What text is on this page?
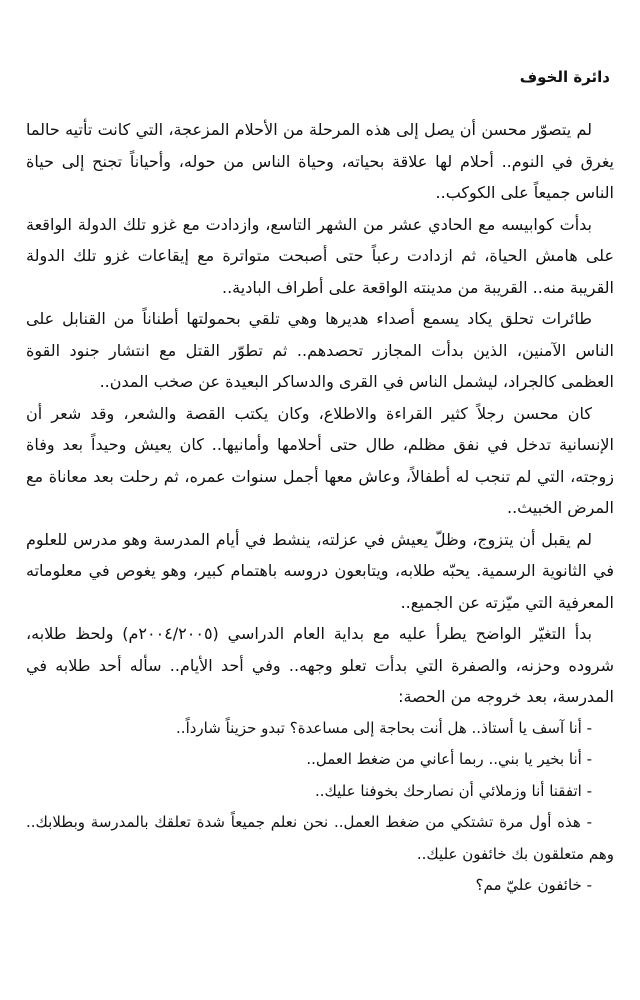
دائرة الخوف

لم يتصوّر محسن أن يصل إلى هذه المرحلة من الأحلام المزعجة، التي كانت تأتيه حالما يغرق في النوم.. أحلام لها علاقة بحياته، وحياة الناس من حوله، وأحياناً تجنح إلى حياة الناس جميعاً على الكوكب..

بدأت كوابيسه مع الحادي عشر من الشهر التاسع، وازدادت مع غزو تلك الدولة الواقعة على هامش الحياة، ثم ازدادت رعباً حتى أصبحت متواترة مع إيقاعات غزو تلك الدولة القريبة منه.. القريبة من مدينته الواقعة على أطراف البادية..

طائرات تحلق يكاد يسمع أصداء هديرها وهي تلقي بحمولتها أطناناً من القنابل على الناس الآمنين، الذين بدأت المجازر تحصدهم.. ثم تطوّر القتل مع انتشار جنود القوة العظمى كالجراد، ليشمل الناس في القرى والدساكر البعيدة عن صخب المدن..

كان محسن رجلاً كثير القراءة والاطلاع، وكان يكتب القصة والشعر، وقد شعر أن الإنسانية تدخل في نفق مظلم، طال حتى أحلامها وأمانيها.. كان يعيش وحيداً بعد وفاة زوجته، التي لم تنجب له أطفالاً، وعاش معها أجمل سنوات عمره، ثم رحلت بعد معاناة مع المرض الخبيث..

لم يقبل أن يتزوج، وظلّ يعيش في عزلته، ينشط في أيام المدرسة وهو مدرس للعلوم في الثانوية الرسمية. يحبّه طلابه، ويتابعون دروسه باهتمام كبير، وهو يغوص في معلوماته المعرفية التي ميّزته عن الجميع..

بدأ التغيّر الواضح يطرأ عليه مع بداية العام الدراسي (٢٠٠٤/٢٠٠٥م) ولحظ طلابه، شروده وحزنه، والصفرة التي بدأت تعلو وجهه.. وفي أحد الأيام.. سأله أحد طلابه في المدرسة، بعد خروجه من الحصة:

- أنا آسف يا أستاذ.. هل أنت بحاجة إلى مساعدة؟ تبدو حزيناً شارداً..

- أنا بخير يا بني.. ربما أعاني من ضغط العمل..

- اتفقنا أنا وزملائي أن نصارحك بخوفنا عليك..

- هذه أول مرة تشتكي من ضغط العمل.. نحن نعلم جميعاً شدة تعلقك بالمدرسة وبطلابك.. وهم متعلقون بك خائفون عليك..

- خائفون عليّ مم؟
